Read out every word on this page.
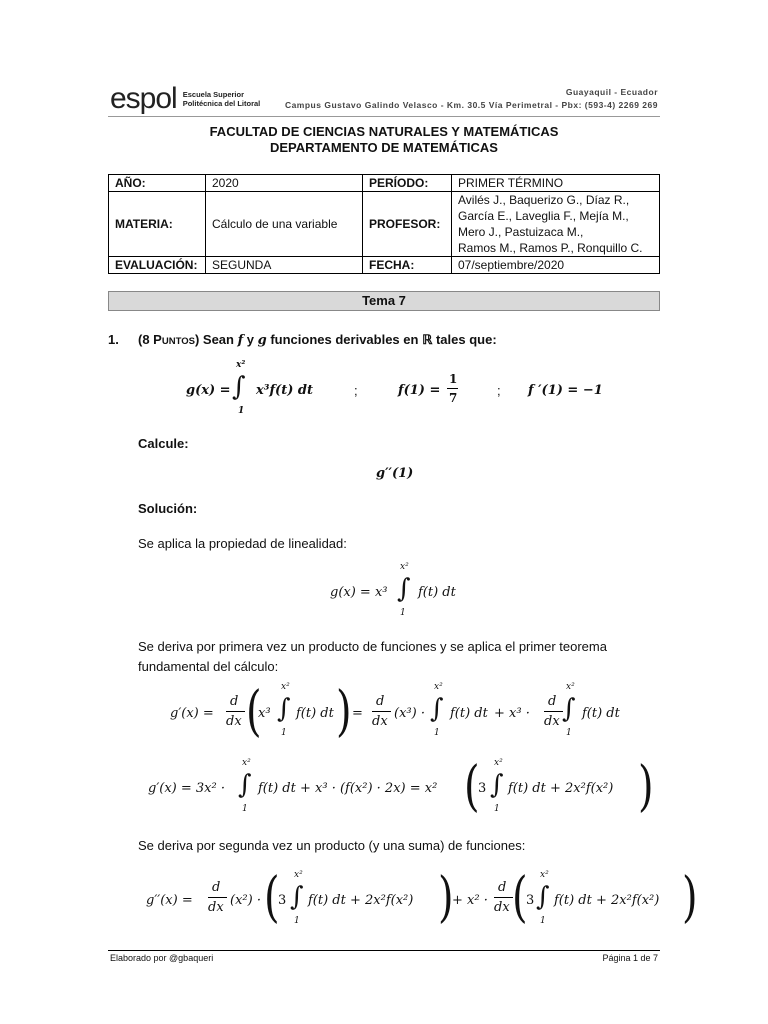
espol Escuela Superior
Politécnica del Litoral
Guayaquil - Ecuador
Campus Gustavo Galindo Velasco - Km. 30.5 Vía Perimetral - Pbx: (593-4) 2269 269
FACULTAD DE CIENCIAS NATURALES Y MATEMÁTICAS
DEPARTAMENTO DE MATEMÁTICAS
AÑO:	2020	PERÍODO:	PRIMER TÉRMINO
MATERIA:	Cálculo de una variable	PROFESOR:	Avilés J., Baquerizo G., Díaz R.,
García E., Laveglia F., Mejía M.,
Mero J., Pastuizaca M.,
Ramos M., Ramos P., Ronquillo C.

EVALUACIÓN:	SEGUNDA	FECHA:	07/septiembre/2020
Tema 7
1. (8 PUNTOS) Sean f y g funciones derivables en ℝ tales que:
g(x) =
x²
∫
1
x³f(t) dt	;	f(1) =
1
7	; f ′(1) = −1
Calcule:
g′′(1)
Solución:
Se aplica la propiedad de linealidad:
g(x) = x³
x²
∫
1
f(t) dt
Se deriva por primera vez un producto de funciones y se aplica el primer teorema
fundamental del cálculo:
g′(x) =
d
dx (
x³
x²
∫
1
f(t) dt ) =
d
dx
(x³) ·
x²
∫
1
f(t) dt + x³ ·
d
dx
x²
∫
1
f(t) dt
g′(x) = 3x² ·
x²
∫
1
f(t) dt + x³ · (f(x²) · 2x) = x² (
3
x²
∫
1
f(t) dt + 2x²f(x²) )
Se deriva por segunda vez un producto (y una suma) de funciones:
g′′(x) =
d
dx (x²) · (
3
x²
∫
1
f(t) dt + 2x²f(x²) )
+ x² ·
d
dx (
3
x²
∫
1
f(t) dt + 2x²f(x²) )
Elaborado por @gbaqueri	Página 1 de 7
